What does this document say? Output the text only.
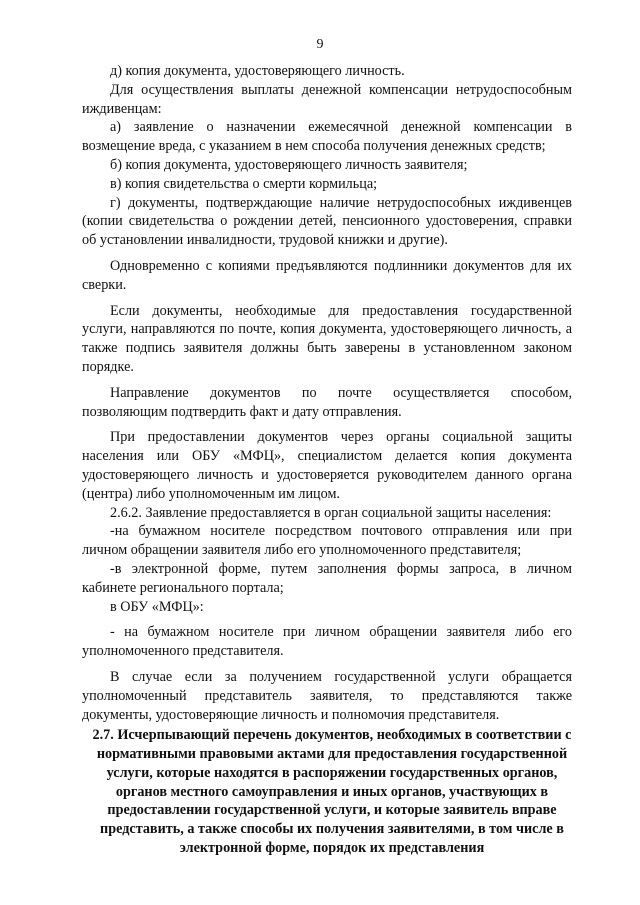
9

д) копия документа, удостоверяющего личность.

Для осуществления выплаты денежной компенсации нетрудоспособным иждивенцам:

а) заявление о назначении ежемесячной денежной компенсации в возмещение вреда, с указанием в нем способа получения денежных средств;

б) копия документа, удостоверяющего личность заявителя;

в) копия свидетельства о смерти кормильца;

г) документы, подтверждающие наличие нетрудоспособных иждивенцев (копии свидетельства о рождении детей, пенсионного удостоверения, справки об установлении инвалидности, трудовой книжки и другие).

Одновременно с копиями предъявляются подлинники документов для их сверки.

Если документы, необходимые для предоставления государственной услуги, направляются по почте, копия документа, удостоверяющего личность, а также подпись заявителя должны быть заверены в установленном законом порядке.

Направление документов по почте осуществляется способом, позволяющим подтвердить факт и дату отправления.

При предоставлении документов через органы социальной защиты населения или ОБУ «МФЦ», специалистом делается копия документа удостоверяющего личность и удостоверяется руководителем данного органа (центра) либо уполномоченным им лицом.

2.6.2. Заявление предоставляется в орган социальной защиты населения:

-на бумажном носителе посредством почтового отправления или при личном обращении заявителя либо его уполномоченного представителя;

-в электронной форме, путем заполнения формы запроса, в личном кабинете регионального портала;

в ОБУ «МФЦ»:

- на бумажном носителе при личном обращении заявителя либо его уполномоченного представителя.

В случае если за получением государственной услуги обращается уполномоченный представитель заявителя, то представляются также документы, удостоверяющие личность и полномочия представителя.

2.7. Исчерпывающий перечень документов, необходимых в соответствии с нормативными правовыми актами для предоставления государственной услуги, которые находятся в распоряжении государственных органов, органов местного самоуправления и иных органов, участвующих в предоставлении государственной услуги, и которые заявитель вправе представить, а также способы их получения заявителями, в том числе в электронной форме, порядок их представления
